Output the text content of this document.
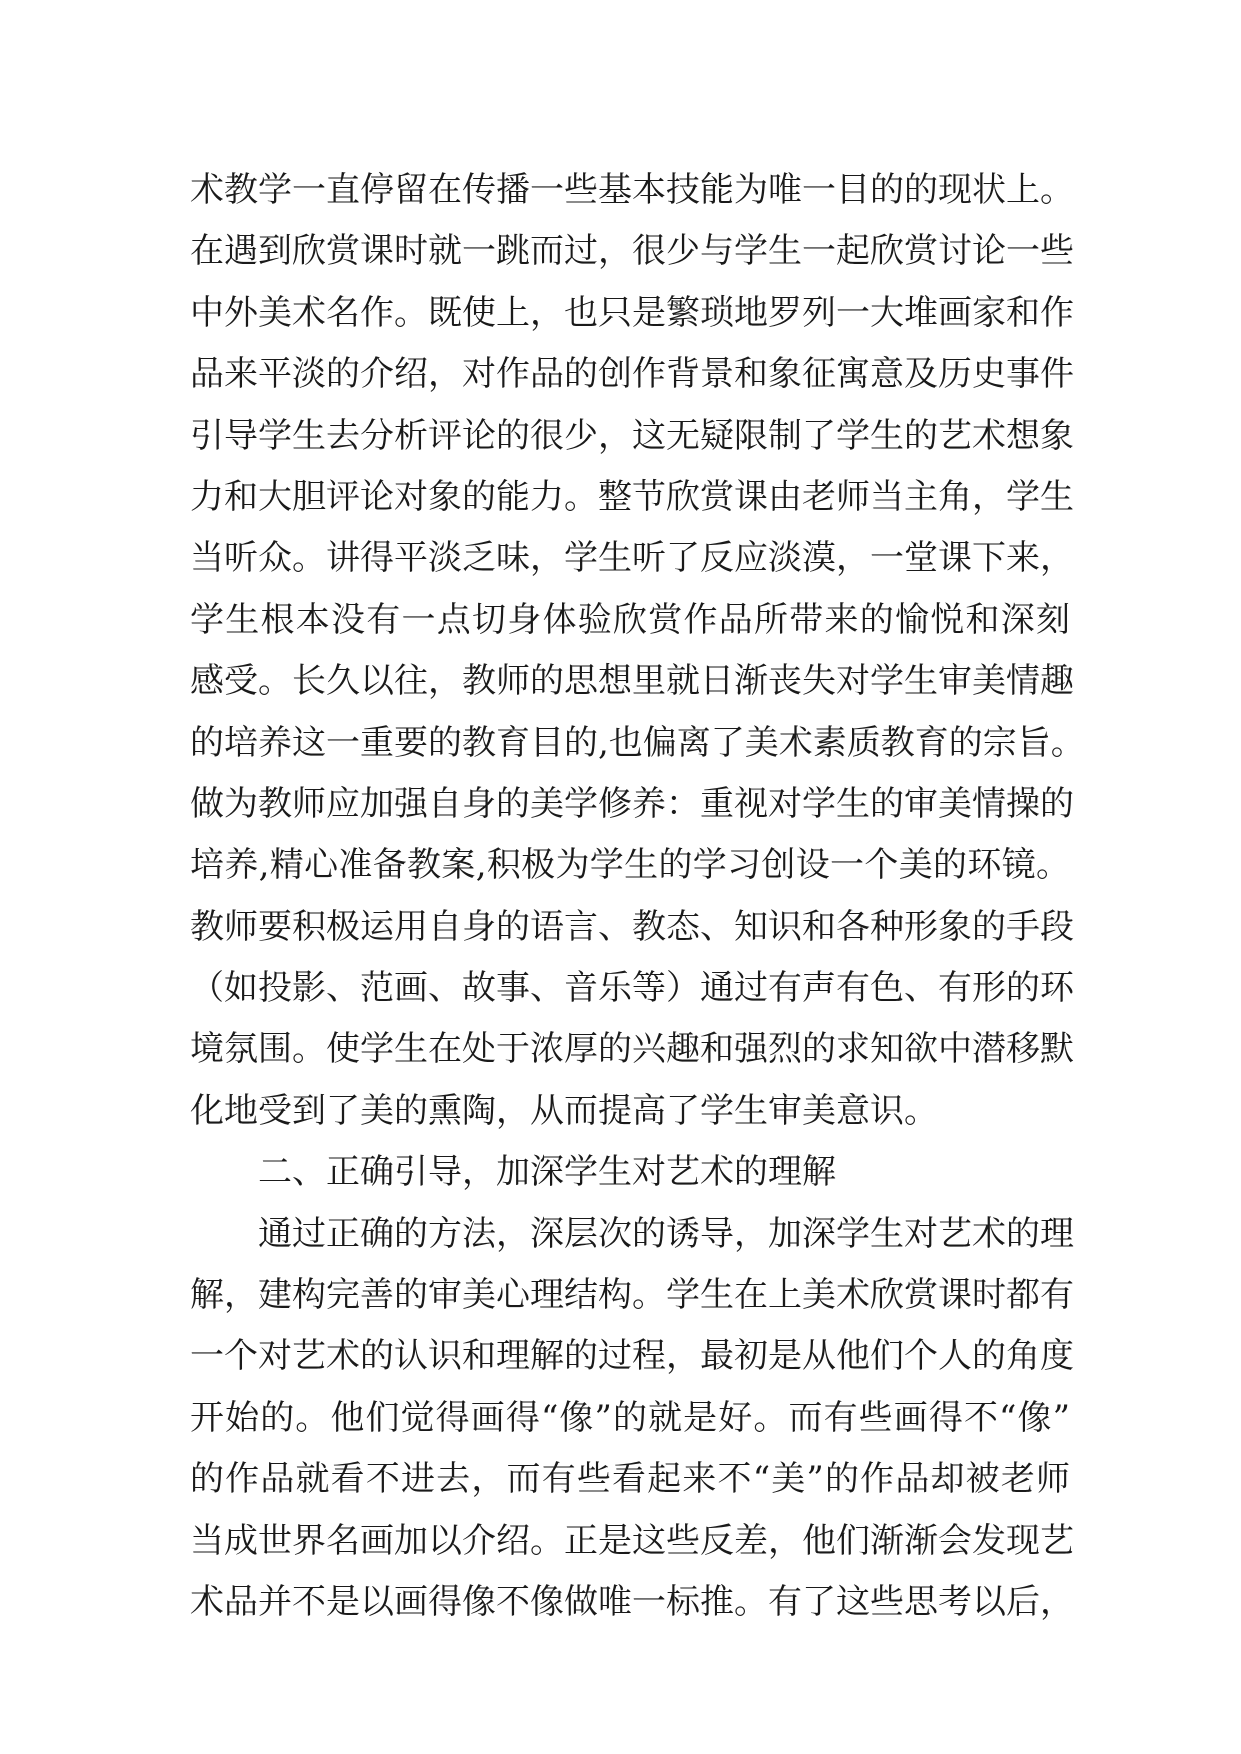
术教学一直停留在传播一些基本技能为唯一目的的现状上。
在遇到欣赏课时就一跳而过，很少与学生一起欣赏讨论一些
中外美术名作。既使上，也只是繁琐地罗列一大堆画家和作
品来平淡的介绍，对作品的创作背景和象征寓意及历史事件
引导学生去分析评论的很少，这无疑限制了学生的艺术想象
力和大胆评论对象的能力。整节欣赏课由老师当主角，学生
当听众。讲得平淡乏味，学生听了反应淡漠，一堂课下来，
学生根本没有一点切身体验欣赏作品所带来的愉悦和深刻
感受。长久以往，教师的思想里就日渐丧失对学生审美情趣
的培养这一重要的教育目的,也偏离了美术素质教育的宗旨。
做为教师应加强自身的美学修养：重视对学生的审美情操的
培养,精心准备教案,积极为学生的学习创设一个美的环镜。
教师要积极运用自身的语言、教态、知识和各种形象的手段
（如投影、范画、故事、音乐等）通过有声有色、有形的环
境氛围。使学生在处于浓厚的兴趣和强烈的求知欲中潜移默
化地受到了美的熏陶，从而提高了学生审美意识。
二、正确引导，加深学生对艺术的理解
通过正确的方法，深层次的诱导，加深学生对艺术的理
解，建构完善的审美心理结构。学生在上美术欣赏课时都有
一个对艺术的认识和理解的过程，最初是从他们个人的角度
开始的。他们觉得画得“像”的就是好。而有些画得不“像”
的作品就看不进去，而有些看起来不“美”的作品却被老师
当成世界名画加以介绍。正是这些反差，他们渐渐会发现艺
术品并不是以画得像不像做唯一标推。有了这些思考以后，
